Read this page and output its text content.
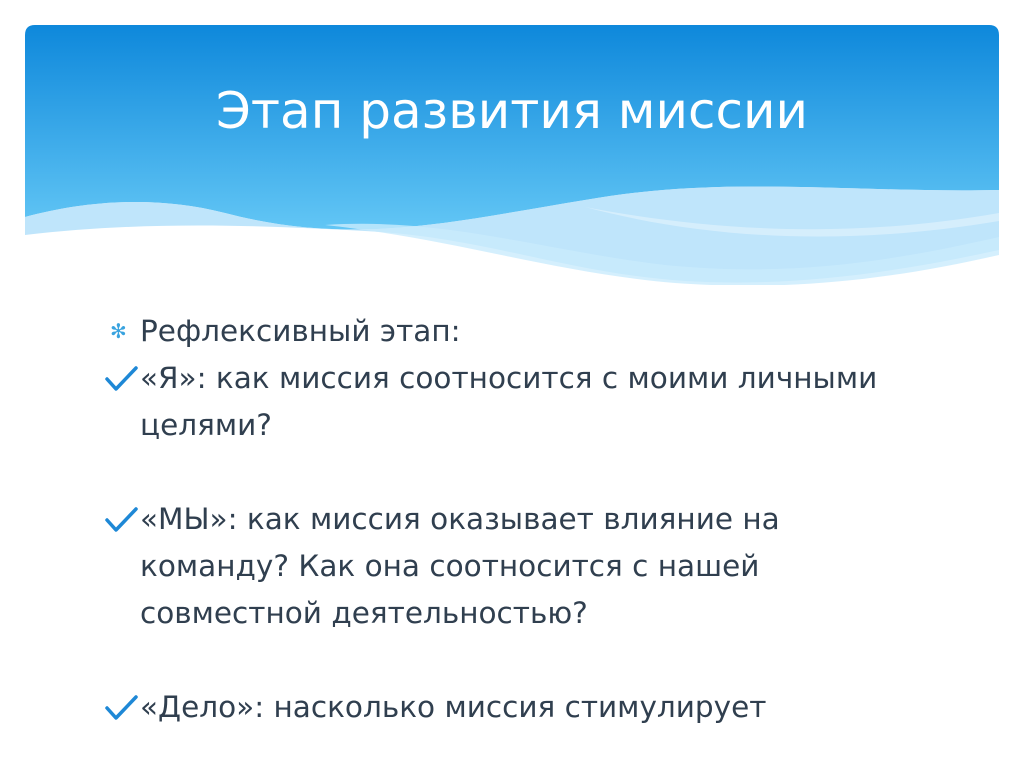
Этап развития миссии
✻ Рефлексивный этап:
«Я»: как миссия соотносится с моими личными целями?
«МЫ»: как миссия оказывает влияние на команду? Как она соотносится с нашей совместной деятельностью?
«Дело»: насколько миссия стимулирует
